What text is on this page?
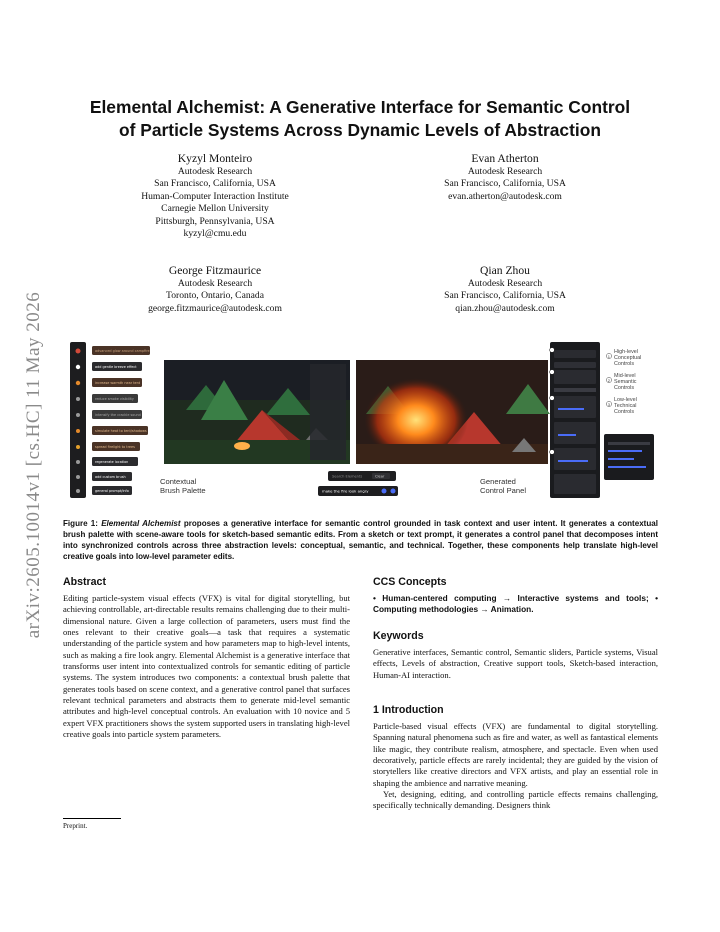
arXiv:2605.10014v1 [cs.HC] 11 May 2026
Elemental Alchemist: A Generative Interface for Semantic Control
of Particle Systems Across Dynamic Levels of Abstraction
Kyzyl Monteiro
Autodesk Research
San Francisco, California, USA
Human-Computer Interaction Institute
Carnegie Mellon University
Pittsburgh, Pennsylvania, USA
kyzyl@cmu.edu
Evan Atherton
Autodesk Research
San Francisco, California, USA
evan.atherton@autodesk.com
George Fitzmaurice
Autodesk Research
Toronto, Ontario, Canada
george.fitzmaurice@autodesk.com
Qian Zhou
Autodesk Research
San Francisco, California, USA
qian.zhou@autodesk.com
advanced glow around campfire
add gentle breeze effect
increase warmth near tent
reduce smoke visibility
intensify the crackle sound
simulate heat to tent/shadows
spread firelight to trees
regenerate location
add custom brush
general prompt/info
Search Elements	Clear
make the fire look angry
Contextual Brush Palette
Generated Control Panel
1
High-level
Conceptual
Controls
2
Mid-level
Semantic
Controls
3
Low-level
Technical
Controls
Figure 1: Elemental Alchemist proposes a generative interface for semantic control grounded in task context and user intent. It generates a contextual brush palette with scene-aware tools for sketch-based semantic edits. From a sketch or text prompt, it generates a control panel that decomposes intent into synchronized controls across three abstraction levels: conceptual, semantic, and technical. Together, these components help translate high-level creative goals into low-level parameter edits.
Abstract
Editing particle-system visual effects (VFX) is vital for digital storytelling, but achieving controllable, art-directable results remains challenging due to their multi-dimensional nature. Given a large collection of parameters, users must find the ones relevant to their creative goals—a task that requires a systematic understanding of the particle system and how parameters map to high-level intents, such as making a fire look angry. Elemental Alchemist is a generative interface that transforms user intent into contextualized controls for semantic editing of particle systems. The system introduces two components: a contextual brush palette that generates tools based on scene context, and a generative control panel that surfaces relevant technical parameters and abstracts them to generate mid-level semantic attributes and high-level conceptual controls. An evaluation with 10 novice and 5 expert VFX practitioners shows the system supported users in translating high-level creative goals into particle system parameters.
Preprint.
CCS Concepts
• Human-centered computing → Interactive systems and tools; • Computing methodologies → Animation.
Keywords
Generative interfaces, Semantic control, Semantic sliders, Particle systems, Visual effects, Levels of abstraction, Creative support tools, Sketch-based interaction, Human-AI interaction.
1 Introduction
Particle-based visual effects (VFX) are fundamental to digital storytelling. Spanning natural phenomena such as fire and water, as well as fantastical elements like magic, they contribute realism, atmosphere, and spectacle. Even when used decoratively, particle effects are rarely incidental; they are guided by the vision of storytellers like creative directors and VFX artists, and play an essential role in shaping the ambience and narrative meaning.
Yet, designing, editing, and controlling particle effects remains challenging, specifically technically demanding. Designers think
